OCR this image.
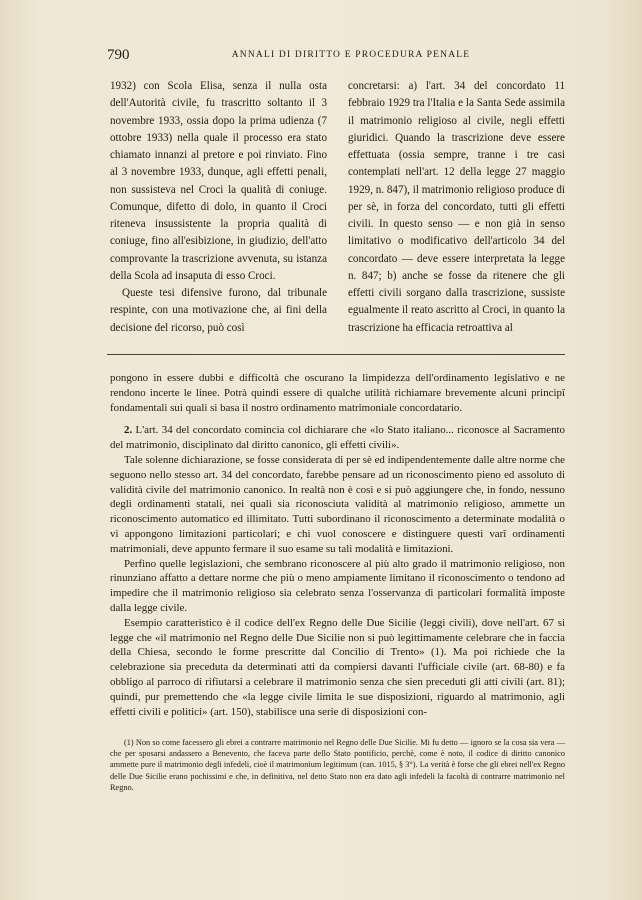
790	ANNALI DI DIRITTO E PROCEDURA PENALE

1932) con Scola Elisa, senza il nulla osta dell'Autorità civile, fu trascritto soltanto il 3 novembre 1933, ossia dopo la prima udienza (7 ottobre 1933) nella quale il processo era stato chiamato innanzi al pretore e poi rinviato. Fino al 3 novembre 1933, dunque, agli effetti penali, non sussisteva nel Croci la qualità di coniuge. Comunque, difetto di dolo, in quanto il Croci riteneva insussistente la propria qualità di coniuge, fino all'esibizione, in giudizio, dell'atto comprovante la trascrizione avvenuta, su istanza della Scola ad insaputa di esso Croci.

Queste tesi difensive furono, dal tribunale respinte, con una motivazione che, ai fini della decisione del ricorso, può così

concretarsi: a) l'art. 34 del concordato 11 febbraio 1929 tra l'Italia e la Santa Sede assimila il matrimonio religioso al civile, negli effetti giuridici. Quando la trascrizione deve essere effettuata (ossia sempre, tranne i tre casi contemplati nell'art. 12 della legge 27 maggio 1929, n. 847), il matrimonio religioso produce di per sè, in forza del concordato, tutti gli effetti civili. In questo senso — e non già in senso limitativo o modificativo dell'articolo 34 del concordato — deve essere interpretata la legge n. 847; b) anche se fosse da ritenere che gli effetti civili sorgano dalla trascrizione, sussiste egualmente il reato ascritto al Croci, in quanto la trascrizione ha efficacia retroattiva al

pongono in essere dubbi e difficoltà che oscurano la limpidezza dell'ordinamento legislativo e ne rendono incerte le linee. Potrà quindi essere di qualche utilità richiamare brevemente alcuni principî fondamentali sui quali si basa il nostro ordinamento matrimoniale concordatario.

2. L'art. 34 del concordato comincia col dichiarare che «lo Stato italiano... riconosce al Sacramento del matrimonio, disciplinato dal diritto canonico, gli effetti civili».

Tale solenne dichiarazione, se fosse considerata di per sè ed indipendentemente dalle altre norme che seguono nello stesso art. 34 del concordato, farebbe pensare ad un riconoscimento pieno ed assoluto di validità civile del matrimonio canonico. In realtà non è così e si può aggiungere che, in fondo, nessuno degli ordinamenti statali, nei quali sia riconosciuta validità al matrimonio religioso, ammette un riconoscimento automatico ed illimitato. Tutti subordinano il riconoscimento a determinate modalità o vi appongono limitazioni particolari; e chi vuol conoscere e distinguere questi varî ordinamenti matrimoniali, deve appunto fermare il suo esame su tali modalità e limitazioni.

Perfino quelle legislazioni, che sembrano riconoscere al più alto grado il matrimonio religioso, non rinunziano affatto a dettare norme che più o meno ampiamente limitano il riconoscimento o tendono ad impedire che il matrimonio religioso sia celebrato senza l'osservanza di particolari formalità imposte dalla legge civile.

Esempio caratteristico è il codice dell'ex Regno delle Due Sicilie (leggi civili), dove nell'art. 67 si legge che «il matrimonio nel Regno delle Due Sicilie non si può legittimamente celebrare che in faccia della Chiesa, secondo le forme prescritte dal Concilio di Trento» (1). Ma poi richiede che la celebrazione sia preceduta da determinati atti da compiersi davanti l'ufficiale civile (art. 68-80) e fa obbligo al parroco di rifiutarsi a celebrare il matrimonio senza che sien preceduti gli atti civili (art. 81); quindi, pur premettendo che «la legge civile limita le sue disposizioni, riguardo al matrimonio, agli effetti civili e politici» (art. 150), stabilisce una serie di disposizioni con-

(1) Non so come facessero gli ebrei a contrarre matrimonio nel Regno delle Due Sicilie. Mi fu detto — ignoro se la cosa sia vera — che per sposarsi andassero a Benevento, che faceva parte dello Stato pontificio, perchè, come è noto, il codice di diritto canonico ammette pure il matrimonio degli infedeli, cioè il matrimonium legitimum (can. 1015, § 3°). La verità è forse che gli ebrei nell'ex Regno delle Due Sicilie erano pochissimi e che, in definitiva, nel detto Stato non era dato agli infedeli la facoltà di contrarre matrimonio nel Regno.
